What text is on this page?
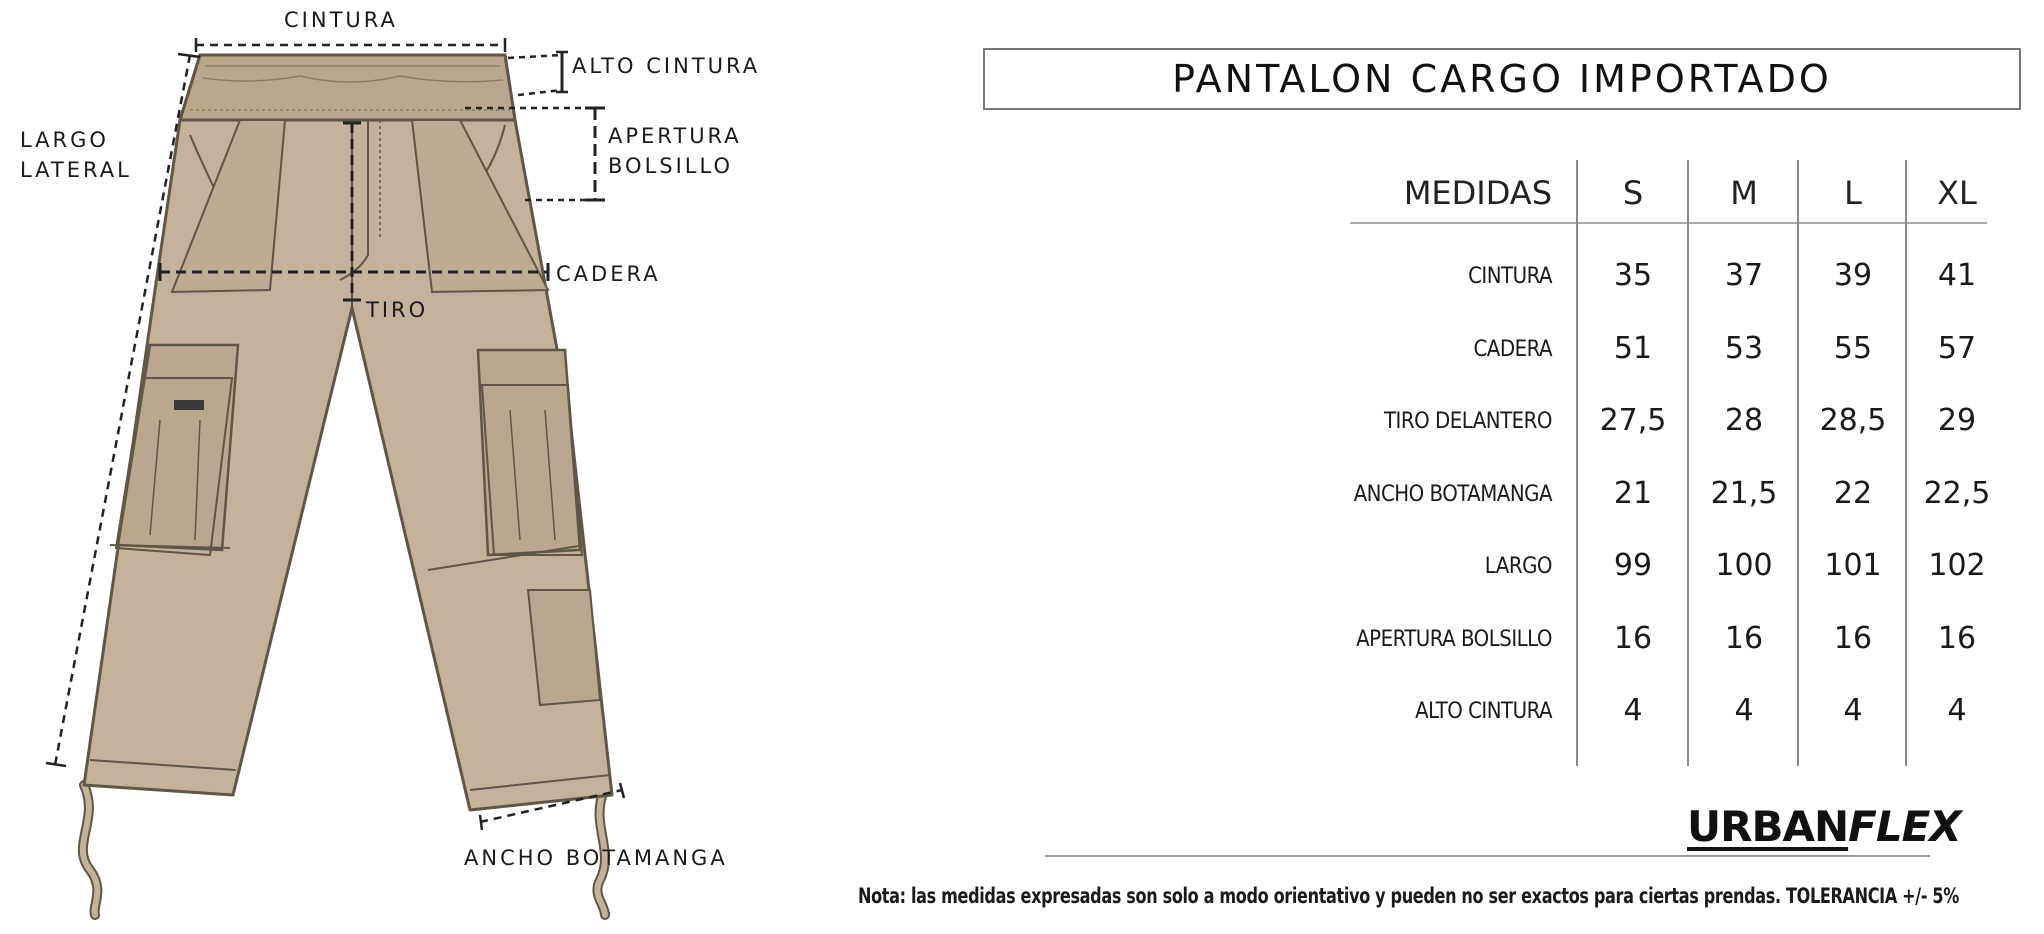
CINTURA
ALTO CINTURA
LARGO
LATERAL
APERTURA
BOLSILLO
CADERA
TIRO
ANCHO BOTAMANGA
PANTALON CARGO IMPORTADO
MEDIDAS	S	M	L	XL
CINTURA	35	37	39	41
CADERA	51	53	55	57
TIRO DELANTERO	27,5	28	28,5	29
ANCHO BOTAMANGA	21	21,5	22	22,5
LARGO	99	100	101	102
APERTURA BOLSILLO	16	16	16	16
ALTO CINTURA	4	4	4	4
URBANFLEX
Nota: las medidas expresadas son solo a modo orientativo y pueden no ser exactos para ciertas prendas. TOLERANCIA +/- 5%
